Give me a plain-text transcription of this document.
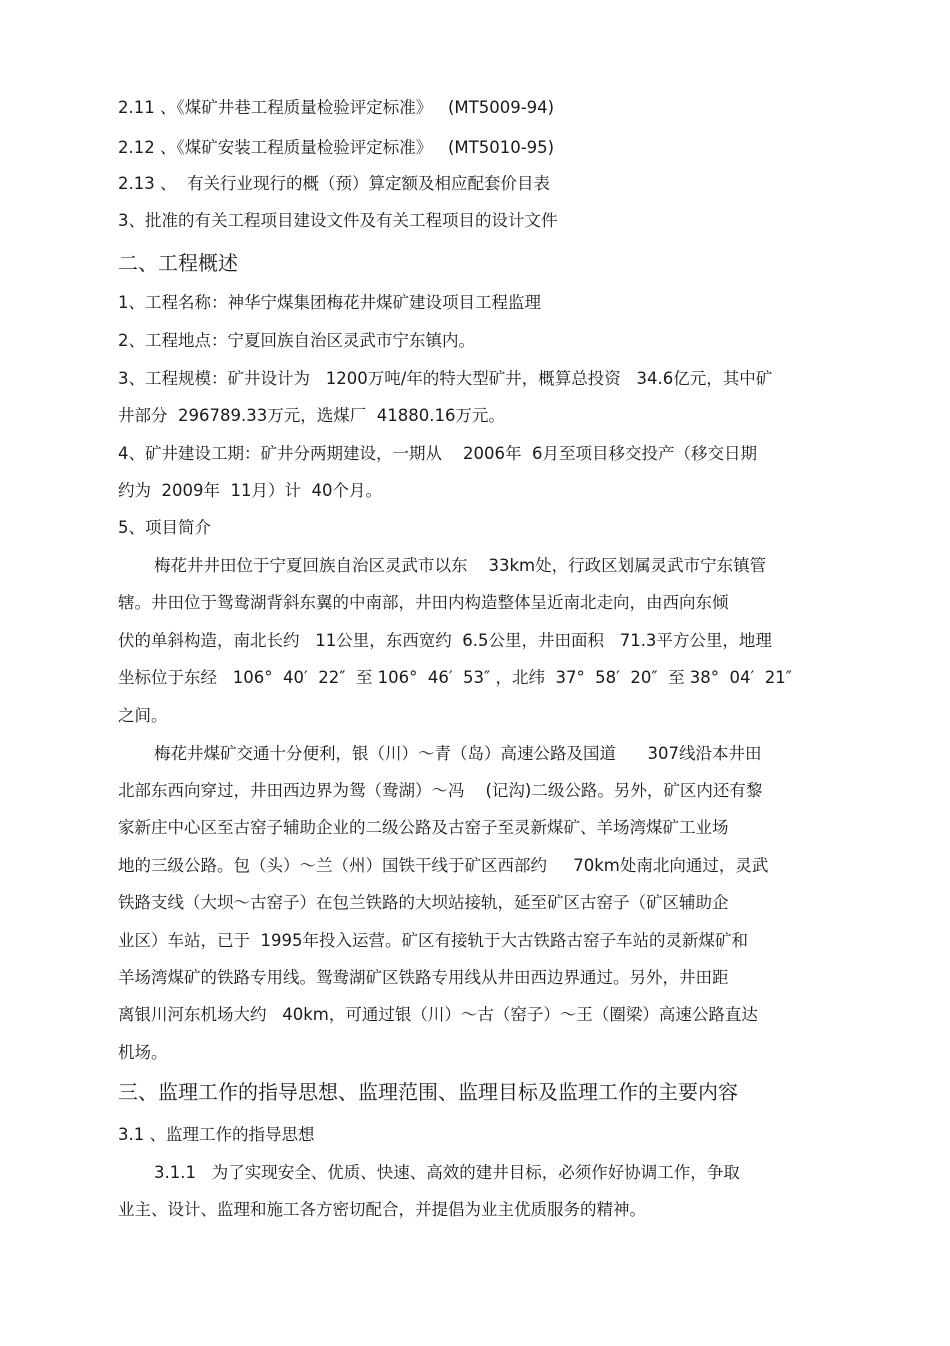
2.11 、《煤矿井巷工程质量检验评定标准》   (MT5009-94)
2.12 、《煤矿安装工程质量检验评定标准》   (MT5010-95)
2.13 、  有关行业现行的概（预）算定额及相应配套价目表
3、批准的有关工程项目建设文件及有关工程项目的设计文件
二、工程概述
1、工程名称：神华宁煤集团梅花井煤矿建设项目工程监理
2、工程地点：宁夏回族自治区灵武市宁东镇内。
3、工程规模：矿井设计为   1200万吨/年的特大型矿井，概算总投资   34.6亿元，其中矿
井部分  296789.33万元，选煤厂  41880.16万元。
4、矿井建设工期：矿井分两期建设，一期从    2006年  6月至项目移交投产（移交日期
约为  2009年  11月）计  40个月。
5、项目简介
梅花井井田位于宁夏回族自治区灵武市以东    33km处，行政区划属灵武市宁东镇管
辖。井田位于鸳鸯湖背斜东翼的中南部，井田内构造整体呈近南北走向，由西向东倾
伏的单斜构造，南北长约   11公里，东西宽约  6.5公里，井田面积   71.3平方公里，地理
坐标位于东经   106°  40′  22″  至 106°  46′  53″ ，北纬  37°  58′  20″  至 38°  04′  21″
之间。
梅花井煤矿交通十分便利，银（川）～青（岛）高速公路及国道      307线沿本井田
北部东西向穿过，井田西边界为鸳（鸯湖）～冯    (记沟)二级公路。另外，矿区内还有黎
家新庄中心区至古窑子辅助企业的二级公路及古窑子至灵新煤矿、羊场湾煤矿工业场
地的三级公路。包（头）～兰（州）国铁干线于矿区西部约     70km处南北向通过，灵武
铁路支线（大坝～古窑子）在包兰铁路的大坝站接轨，延至矿区古窑子（矿区辅助企
业区）车站，已于  1995年投入运营。矿区有接轨于大古铁路古窑子车站的灵新煤矿和
羊场湾煤矿的铁路专用线。鸳鸯湖矿区铁路专用线从井田西边界通过。另外，井田距
离银川河东机场大约   40km，可通过银（川）～古（窑子）～王（圈梁）高速公路直达
机场。
三、监理工作的指导思想、监理范围、监理目标及监理工作的主要内容
3.1 、监理工作的指导思想
3.1.1   为了实现安全、优质、快速、高效的建井目标，必须作好协调工作，争取
业主、设计、监理和施工各方密切配合，并提倡为业主优质服务的精神。
